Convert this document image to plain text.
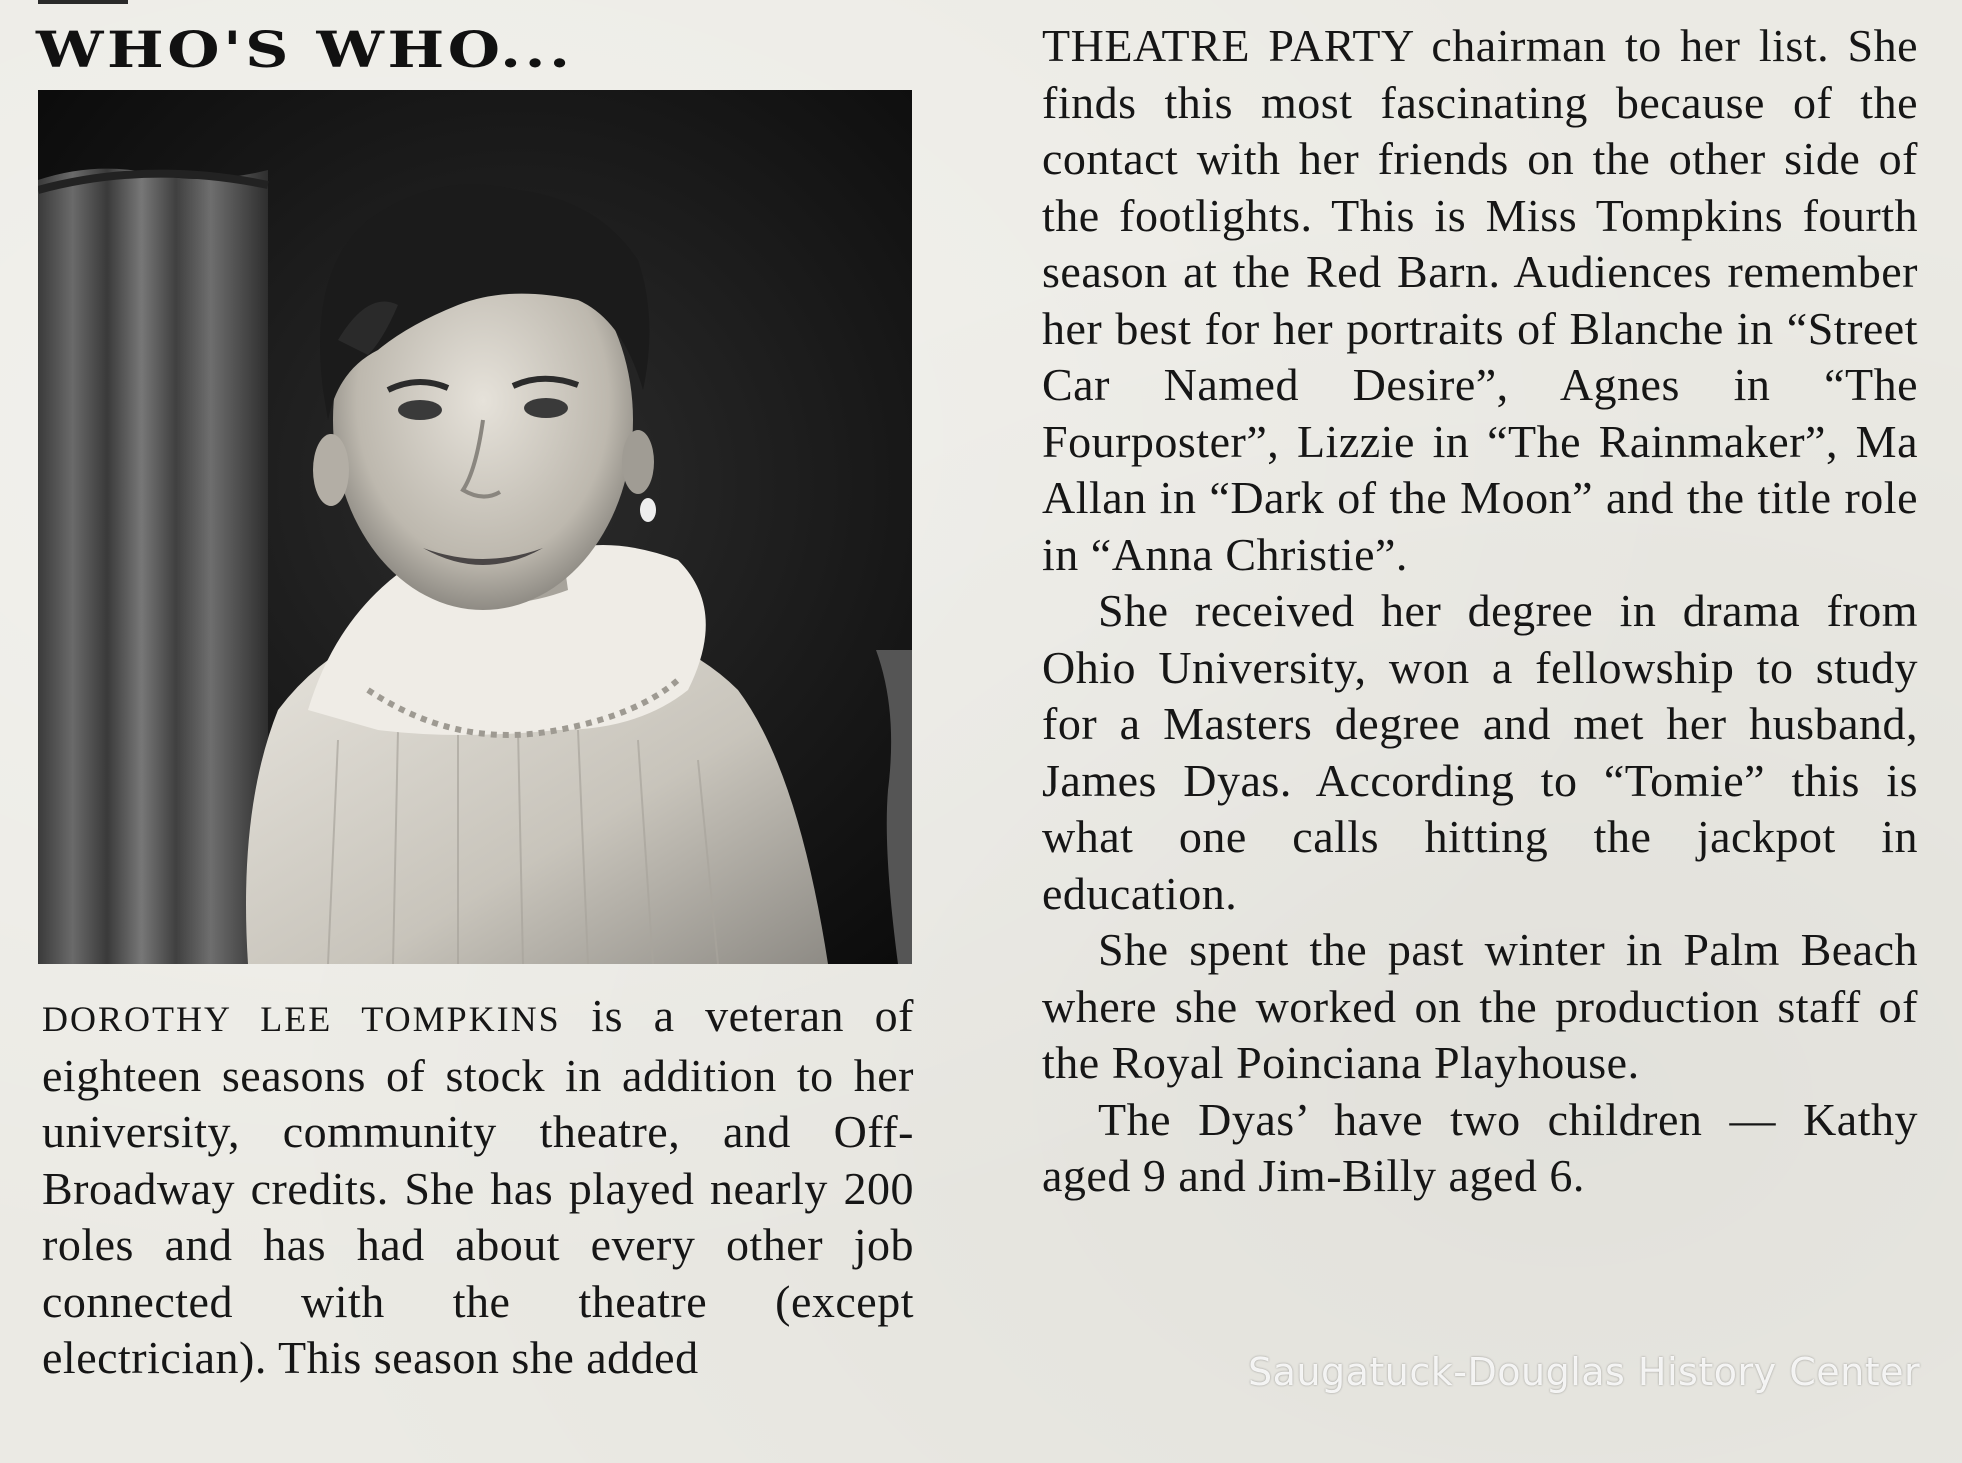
WHO'S WHO...

DOROTHY LEE TOMPKINS is a veteran of eighteen seasons of stock in addition to her university, community theatre, and Off-Broadway credits. She has played nearly 200 roles and has had about every other job connected with the theatre (except electrician). This season she added

THEATRE PARTY chairman to her list. She finds this most fascinating because of the contact with her friends on the other side of the footlights. This is Miss Tompkins fourth season at the Red Barn. Audiences remember her best for her portraits of Blanche in “Street Car Named Desire”, Agnes in “The Fourposter”, Lizzie in “The Rainmaker”, Ma Allan in “Dark of the Moon” and the title role in “Anna Christie”.

She received her degree in drama from Ohio University, won a fellowship to study for a Masters degree and met her husband, James Dyas. According to “Tomie” this is what one calls hitting the jackpot in education.

She spent the past winter in Palm Beach where she worked on the production staff of the Royal Poinciana Playhouse.

The Dyas’ have two children — Kathy aged 9 and Jim-Billy aged 6.

Saugatuck-Douglas History Center
